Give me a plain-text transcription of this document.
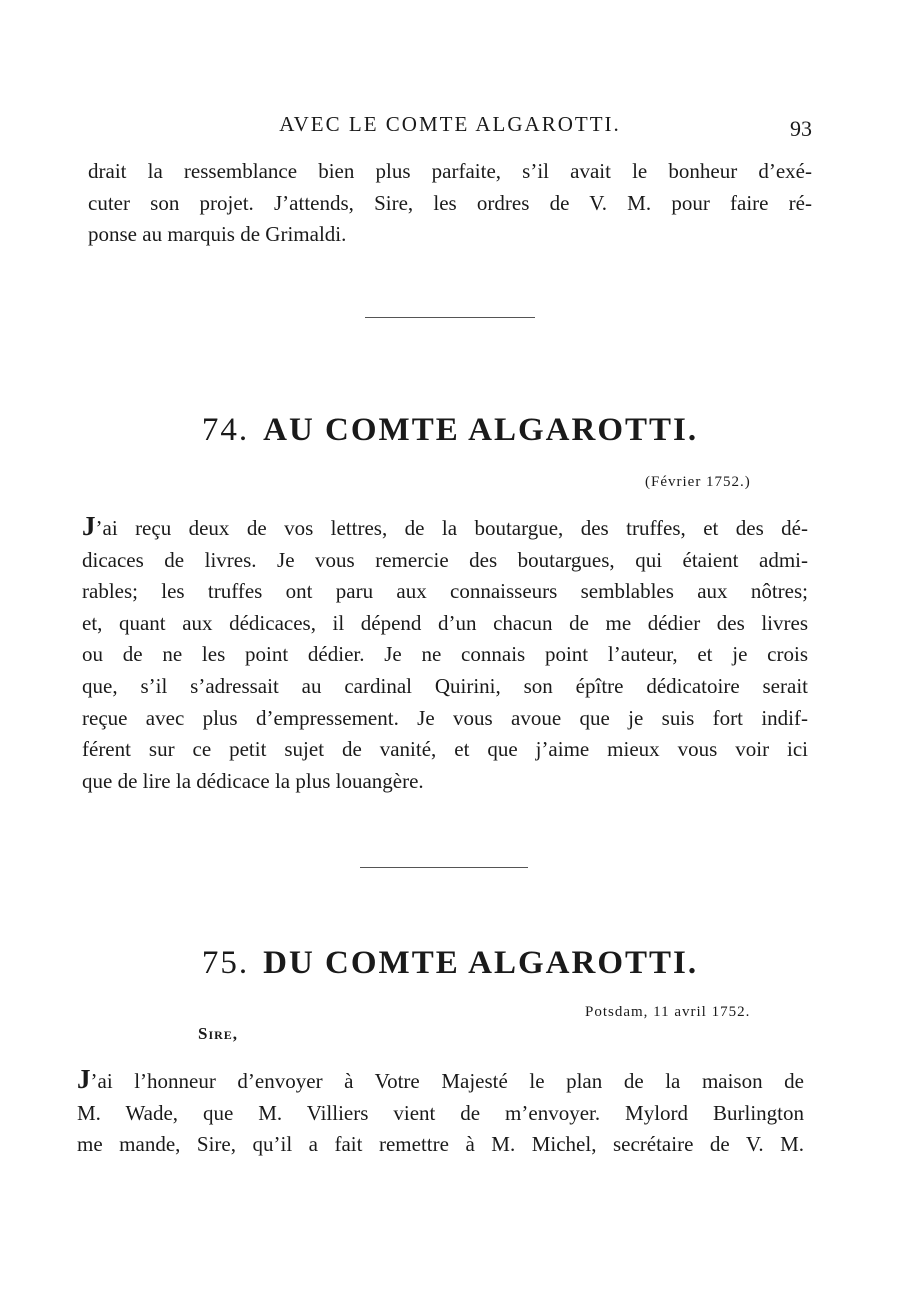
AVEC LE COMTE ALGAROTTI.	93
drait la ressemblance bien plus parfaite, s’il avait le bonheur d’exé-
cuter son projet. J’attends, Sire, les ordres de V. M. pour faire ré-
ponse au marquis de Grimaldi.
74. AU COMTE ALGAROTTI.
(Février 1752.)
J’ai reçu deux de vos lettres, de la boutargue, des truffes, et des dé-
dicaces de livres. Je vous remercie des boutargues, qui étaient admi-
rables; les truffes ont paru aux connaisseurs semblables aux nôtres;
et, quant aux dédicaces, il dépend d’un chacun de me dédier des livres
ou de ne les point dédier. Je ne connais point l’auteur, et je crois
que, s’il s’adressait au cardinal Quirini, son épître dédicatoire serait
reçue avec plus d’empressement. Je vous avoue que je suis fort indif-
férent sur ce petit sujet de vanité, et que j’aime mieux vous voir ici
que de lire la dédicace la plus louangère.
75. DU COMTE ALGAROTTI.
Potsdam, 11 avril 1752.
Sire,
J’ai l’honneur d’envoyer à Votre Majesté le plan de la maison de
M. Wade, que M. Villiers vient de m’envoyer. Mylord Burlington
me mande, Sire, qu’il a fait remettre à M. Michel, secrétaire de V. M.
